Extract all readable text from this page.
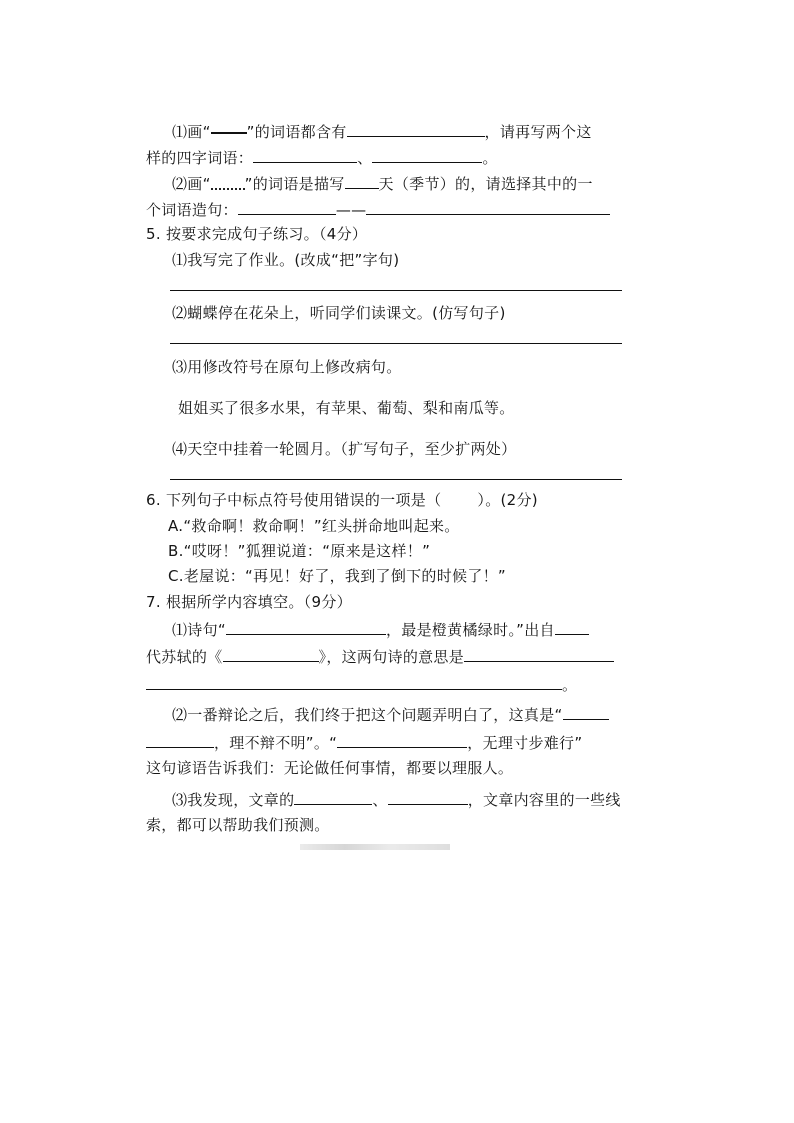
⑴画“ ”的词语都含有	，请再写两个这
样的四字词语：	、	。
⑵画“ ”的词语是描写 天（季节）的，请选择其中的一
个词语造句：	——
5. 按要求完成句子练习。（4分）
⑴我写完了作业。(改成“把”字句)
⑵蝴蝶停在花朵上，听同学们读课文。(仿写句子)
⑶用修改符号在原句上修改病句。
姐姐买了很多水果，有苹果、葡萄、梨和南瓜等。
⑷天空中挂着一轮圆月。（扩写句子，至少扩两处）
6. 下列句子中标点符号使用错误的一项是（ ）。(2分)
A.“救命啊！救命啊！”红头拼命地叫起来。
B.“哎呀！”狐狸说道：“原来是这样！”
C.老屋说：“再见！好了，我到了倒下的时候了！”
7. 根据所学内容填空。（9分）
⑴诗句“	，最是橙黄橘绿时。”出自
代苏轼的《	》，这两句诗的意思是
。
⑵一番辩论之后，我们终于把这个问题弄明白了，这真是“
，理不辩不明”。“	，无理寸步难行”
这句谚语告诉我们：无论做任何事情，都要以理服人。
⑶我发现，文章的	、	，文章内容里的一些线
索，都可以帮助我们预测。
